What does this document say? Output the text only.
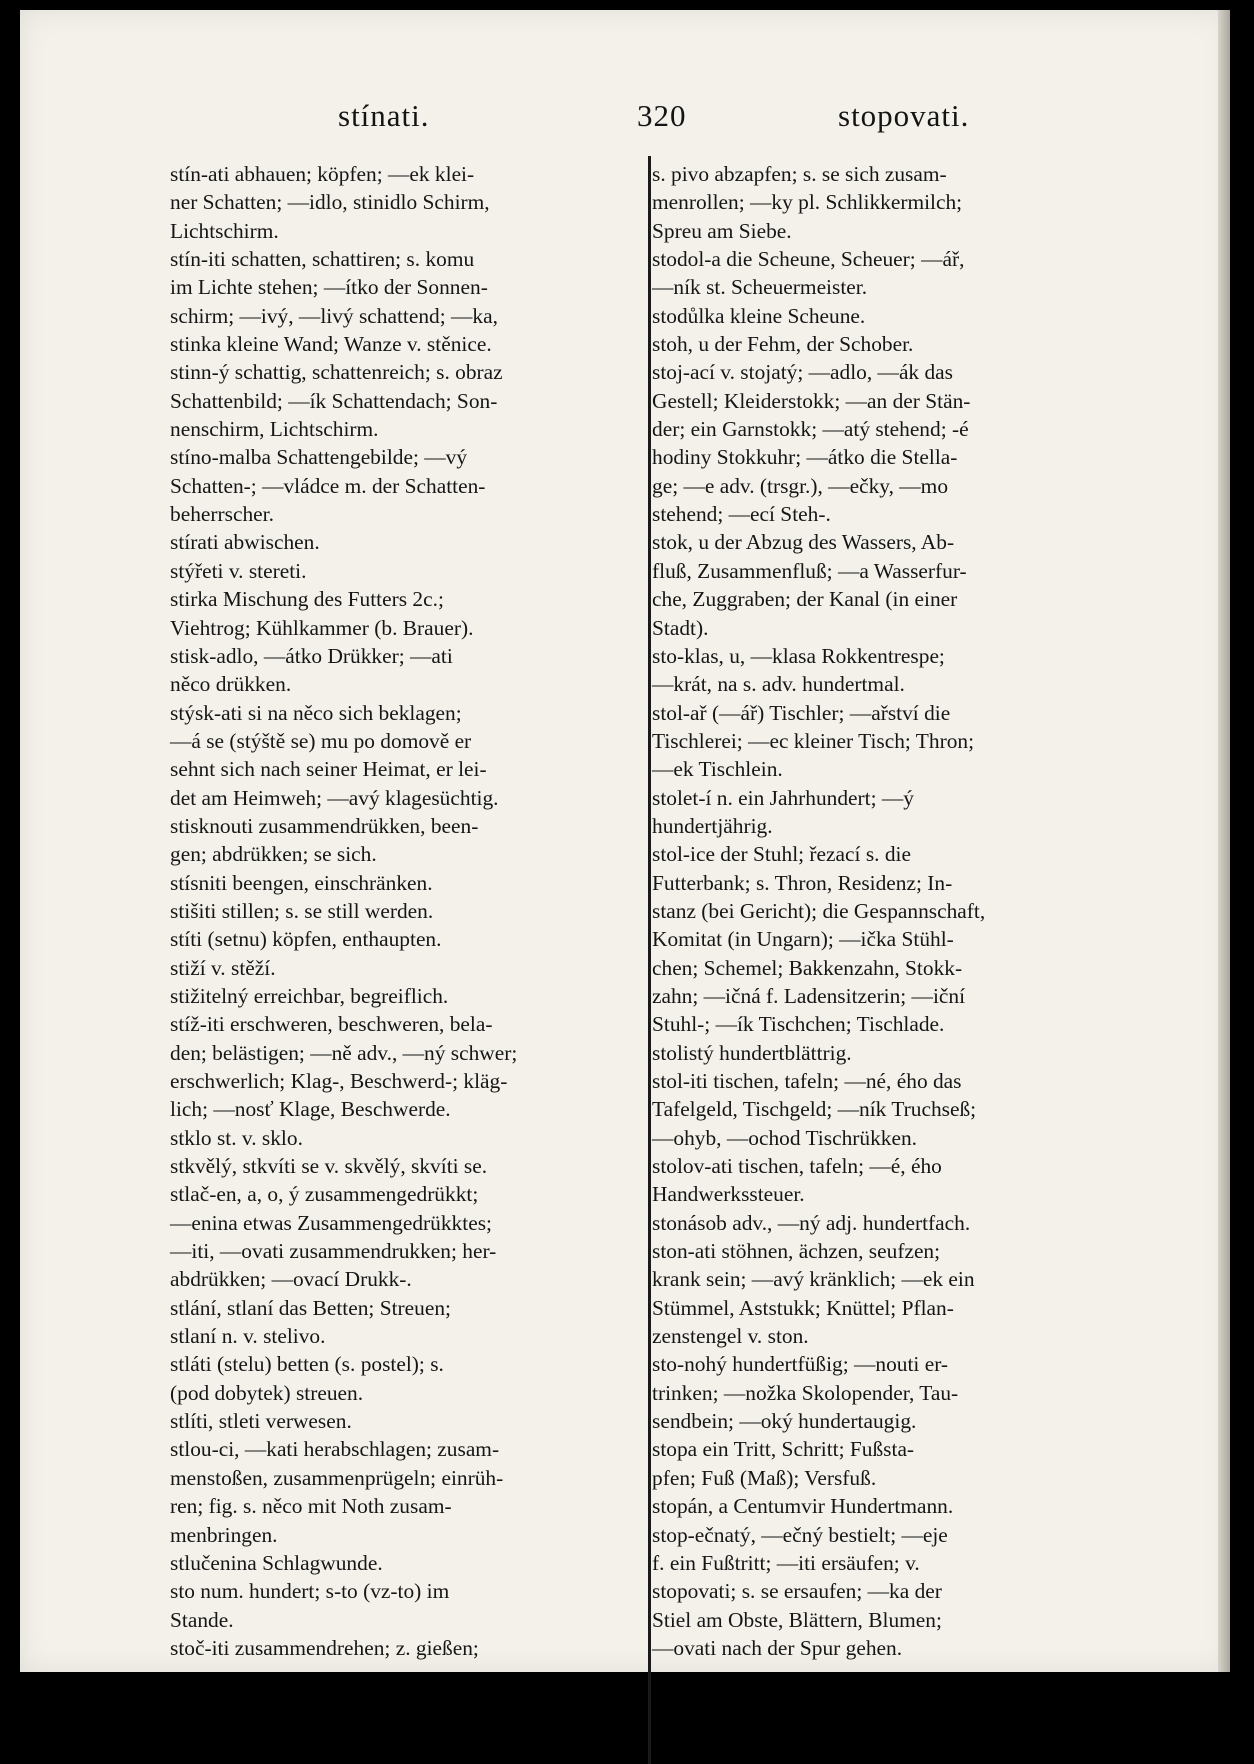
stínati.	320	stopovati.
stín-ati abhauen; köpfen; —ek klei-
ner Schatten; —idlo, stinidlo Schirm,
Lichtschirm.
stín-iti schatten, schattiren; s. komu
im Lichte stehen; —ítko der Sonnen-
schirm; —ivý, —livý schattend; —ka,
stinka kleine Wand; Wanze v. stěnice.
stinn-ý schattig, schattenreich; s. obraz
Schattenbild; —ík Schattendach; Son-
nenschirm, Lichtschirm.
stíno-malba Schattengebilde; —vý
Schatten-; —vládce m. der Schatten-
beherrscher.
stírati abwischen.
stýřeti v. stereti.
stirka Mischung des Futters 2c.;
Viehtrog; Kühlkammer (b. Brauer).
stisk-adlo, —átko Drükker; —ati
něco drükken.
stýsk-ati si na něco sich beklagen;
—á se (stýště se) mu po domově er
sehnt sich nach seiner Heimat, er lei-
det am Heimweh; —avý klagesüchtig.
stisknouti zusammendrükken, been-
gen; abdrükken; se sich.
stísniti beengen, einschränken.
stišiti stillen; s. se still werden.
stíti (setnu) köpfen, enthaupten.
stiží v. stěží.
stižitelný erreichbar, begreiflich.
stíž-iti erschweren, beschweren, bela-
den; belästigen; —ně adv., —ný schwer;
erschwerlich; Klag-, Beschwerd-; kläg-
lich; —nosť Klage, Beschwerde.
stklo st. v. sklo.
stkvělý, stkvíti se v. skvělý, skvíti se.
stlač-en, a, o, ý zusammengedrükkt;
—enina etwas Zusammengedrükktes;
—iti, —ovati zusammendrukken; her-
abdrükken; —ovací Drukk-.
stlání, stlaní das Betten; Streuen;
stlaní n. v. stelivo.
stláti (stelu) betten (s. postel); s.
(pod dobytek) streuen.
stlíti, stleti verwesen.
stlou-ci, —kati herabschlagen; zusam-
menstoßen, zusammenprügeln; einrüh-
ren; fig. s. něco mit Noth zusam-
menbringen.
stlučenina Schlagwunde.
sto num. hundert; s-to (vz-to) im
Stande.
stoč-iti zusammendrehen; z. gießen;
s. pivo abzapfen; s. se sich zusam-
menrollen; —ky pl. Schlikkermilch;
Spreu am Siebe.
stodol-a die Scheune, Scheuer; —ář,
—ník st. Scheuermeister.
stodůlka kleine Scheune.
stoh, u der Fehm, der Schober.
stoj-ací v. stojatý; —adlo, —ák das
Gestell; Kleiderstokk; —an der Stän-
der; ein Garnstokk; —atý stehend; -é
hodiny Stokkuhr; —átko die Stella-
ge; —e adv. (trsgr.), —ečky, —mo
stehend; —ecí Steh-.
stok, u der Abzug des Wassers, Ab-
fluß, Zusammenfluß; —a Wasserfur-
che, Zuggraben; der Kanal (in einer
Stadt).
sto-klas, u, —klasa Rokkentrespe;
—krát, na s. adv. hundertmal.
stol-ař (—ář) Tischler; —ařství die
Tischlerei; —ec kleiner Tisch; Thron;
—ek Tischlein.
stolet-í n. ein Jahrhundert; —ý
hundertjährig.
stol-ice der Stuhl; řezací s. die
Futterbank; s. Thron, Residenz; In-
stanz (bei Gericht); die Gespannschaft,
Komitat (in Ungarn); —ička Stühl-
chen; Schemel; Bakkenzahn, Stokk-
zahn; —ičná f. Ladensitzerin; —iční
Stuhl-; —ík Tischchen; Tischlade.
stolistý hundertblättrig.
stol-iti tischen, tafeln; —né, ého das
Tafelgeld, Tischgeld; —ník Truchseß;
—ohyb, —ochod Tischrükken.
stolov-ati tischen, tafeln; —é, ého
Handwerkssteuer.
stonásob adv., —ný adj. hundertfach.
ston-ati stöhnen, ächzen, seufzen;
krank sein; —avý kränklich; —ek ein
Stümmel, Aststukk; Knüttel; Pflan-
zenstengel v. ston.
sto-nohý hundertfüßig; —nouti er-
trinken; —nožka Skolopender, Tau-
sendbein; —oký hundertaugig.
stopa ein Tritt, Schritt; Fußsta-
pfen; Fuß (Maß); Versfuß.
stopán, a Centumvir Hundertmann.
stop-ečnatý, —ečný bestielt; —eje
f. ein Fußtritt; —iti ersäufen; v.
stopovati; s. se ersaufen; —ka der
Stiel am Obste, Blättern, Blumen;
—ovati nach der Spur gehen.
